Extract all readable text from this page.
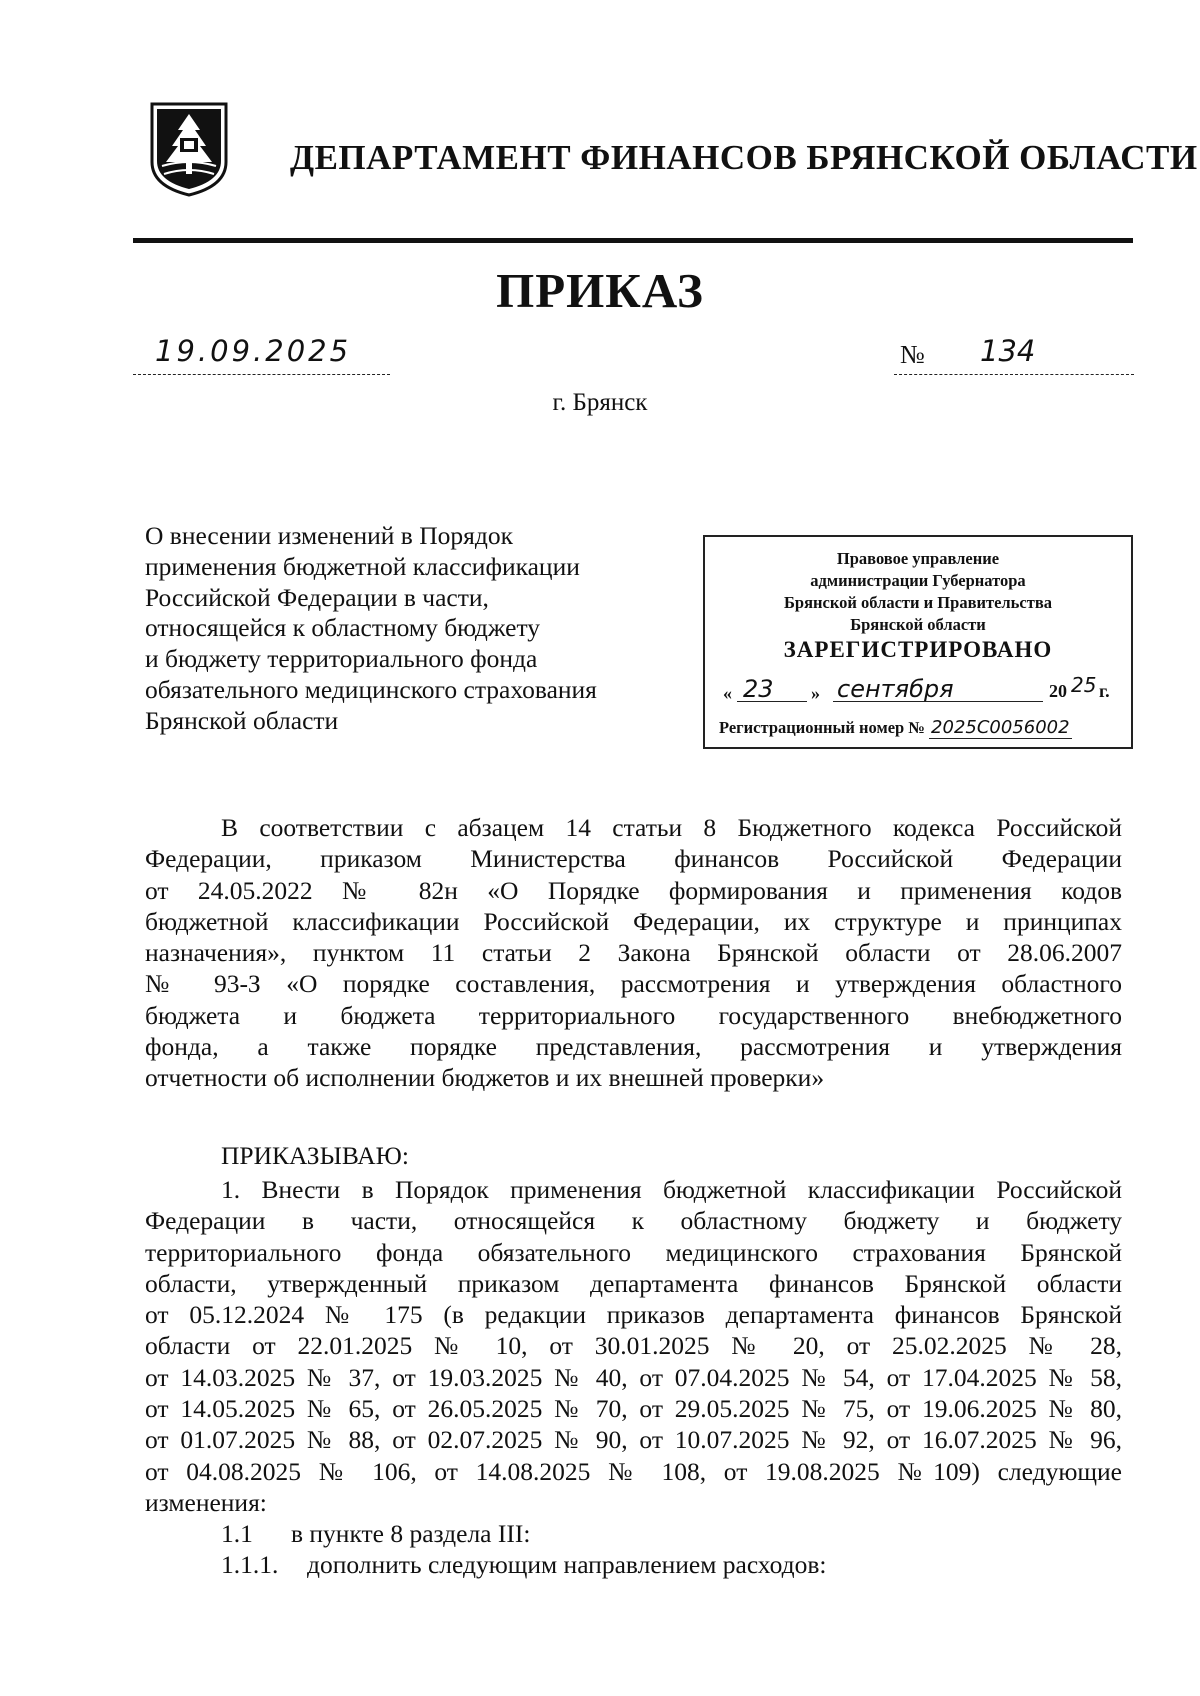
ДЕПАРТАМЕНТ ФИНАНСОВ БРЯНСКОЙ ОБЛАСТИ
ПРИКАЗ
19.09.2025	№ 134
г. Брянск
О внесении изменений в Порядок
применения бюджетной классификации
Российской Федерации в части,
относящейся к областному бюджету
и бюджету территориального фонда
обязательного медицинского страхования
Брянской области
Правовое управление
администрации Губернатора
Брянской области и Правительства
Брянской области
ЗАРЕГИСТРИРОВАНО
« 23 » сентября	20 25 г.
Регистрационный номер № 2025С0056002
В соответствии с абзацем 14 статьи 8 Бюджетного кодекса Российской
Федерации, приказом Министерства финансов Российской Федерации
от 24.05.2022 № 82н «О Порядке формирования и применения кодов
бюджетной классификации Российской Федерации, их структуре и принципах
назначения», пунктом 11 статьи 2 Закона Брянской области от 28.06.2007
№ 93-З «О порядке составления, рассмотрения и утверждения областного
бюджета и бюджета территориального государственного внебюджетного
фонда, а также порядке представления, рассмотрения и утверждения
отчетности об исполнении бюджетов и их внешней проверки»
ПРИКАЗЫВАЮ:
1. Внести в Порядок применения бюджетной классификации Российской
Федерации в части, относящейся к областному бюджету и бюджету
территориального фонда обязательного медицинского страхования Брянской
области, утвержденный приказом департамента финансов Брянской области
от 05.12.2024 № 175 (в редакции приказов департамента финансов Брянской
области от 22.01.2025 № 10, от 30.01.2025 № 20, от 25.02.2025 № 28,
от 14.03.2025 № 37, от 19.03.2025 № 40, от 07.04.2025 № 54, от 17.04.2025 № 58,
от 14.05.2025 № 65, от 26.05.2025 № 70, от 29.05.2025 № 75, от 19.06.2025 № 80,
от 01.07.2025 № 88, от 02.07.2025 № 90, от 10.07.2025 № 92, от 16.07.2025 № 96,
от 04.08.2025 № 106, от 14.08.2025 № 108, от 19.08.2025 №109) следующие
изменения:
1.1 в пункте 8 раздела III:
1.1.1. дополнить следующим направлением расходов:
